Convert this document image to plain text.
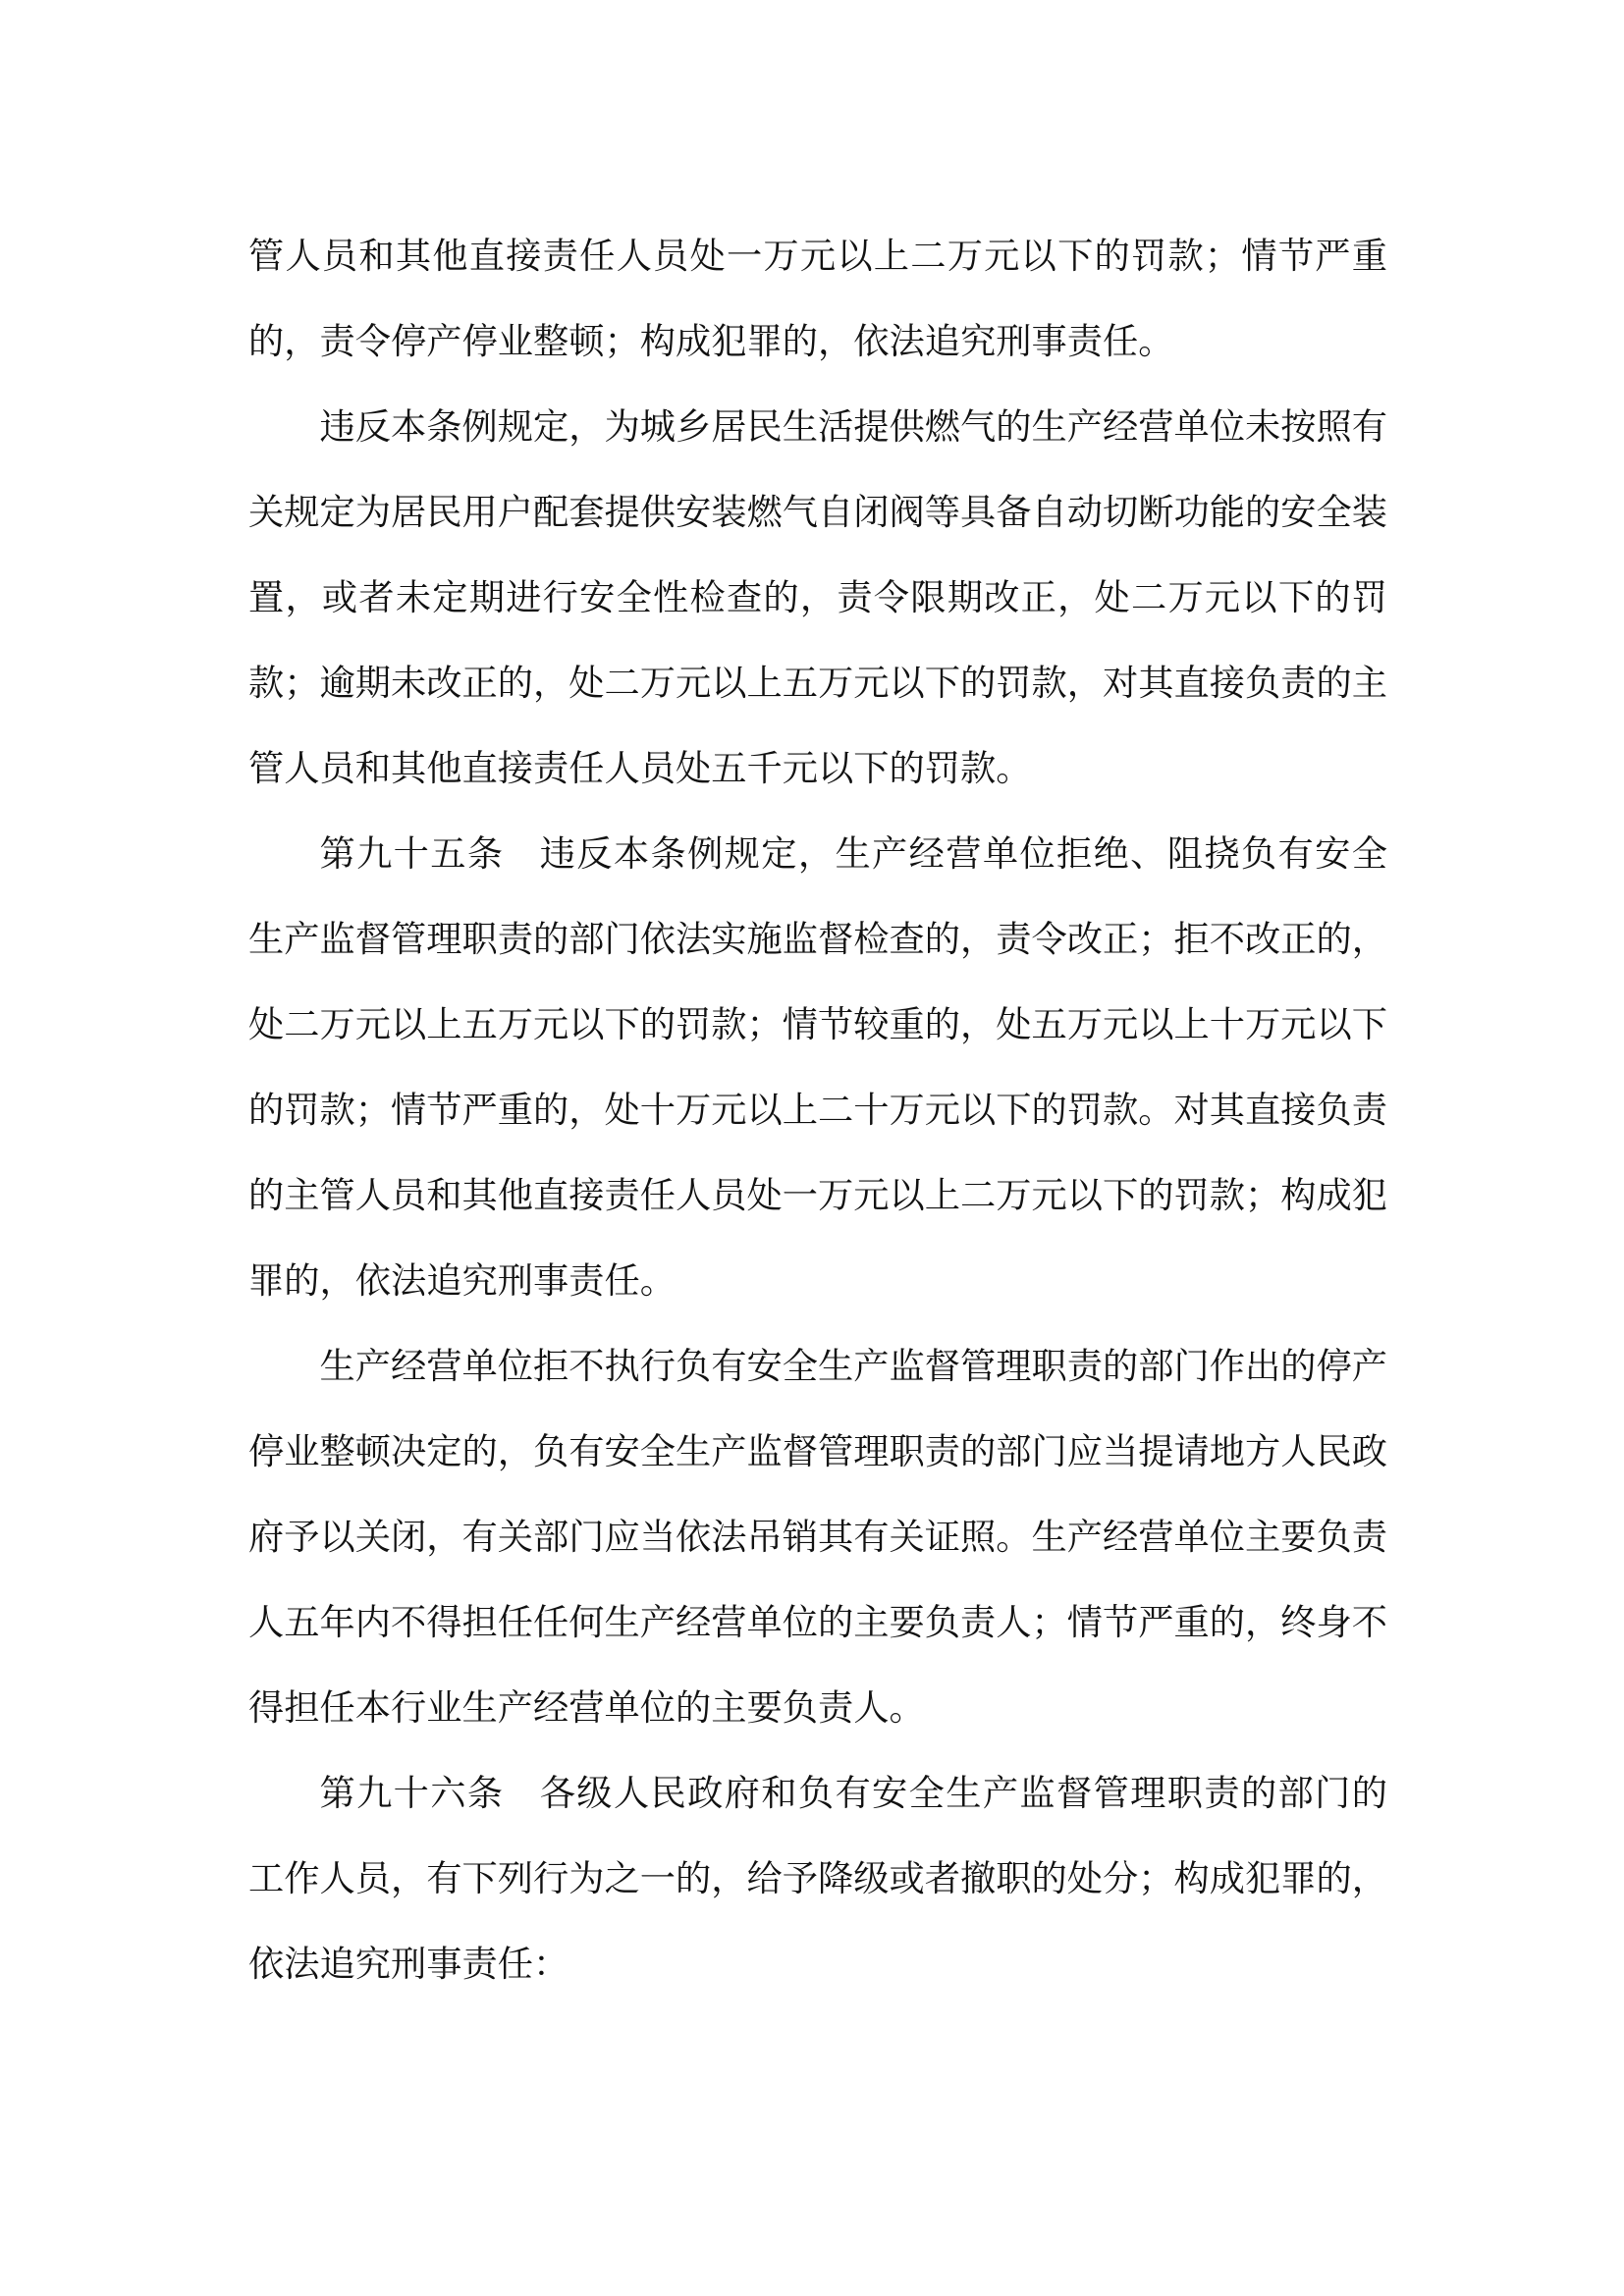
管人员和其他直接责任人员处一万元以上二万元以下的罚款；情节严重的，责令停产停业整顿；构成犯罪的，依法追究刑事责任。

违反本条例规定，为城乡居民生活提供燃气的生产经营单位未按照有关规定为居民用户配套提供安装燃气自闭阀等具备自动切断功能的安全装置，或者未定期进行安全性检查的，责令限期改正，处二万元以下的罚款；逾期未改正的，处二万元以上五万元以下的罚款，对其直接负责的主管人员和其他直接责任人员处五千元以下的罚款。

第九十五条 违反本条例规定，生产经营单位拒绝、阻挠负有安全生产监督管理职责的部门依法实施监督检查的，责令改正；拒不改正的，处二万元以上五万元以下的罚款；情节较重的，处五万元以上十万元以下的罚款；情节严重的，处十万元以上二十万元以下的罚款。对其直接负责的主管人员和其他直接责任人员处一万元以上二万元以下的罚款；构成犯罪的，依法追究刑事责任。

生产经营单位拒不执行负有安全生产监督管理职责的部门作出的停产停业整顿决定的，负有安全生产监督管理职责的部门应当提请地方人民政府予以关闭，有关部门应当依法吊销其有关证照。生产经营单位主要负责人五年内不得担任任何生产经营单位的主要负责人；情节严重的，终身不得担任本行业生产经营单位的主要负责人。

第九十六条 各级人民政府和负有安全生产监督管理职责的部门的工作人员，有下列行为之一的，给予降级或者撤职的处分；构成犯罪的，依法追究刑事责任：
